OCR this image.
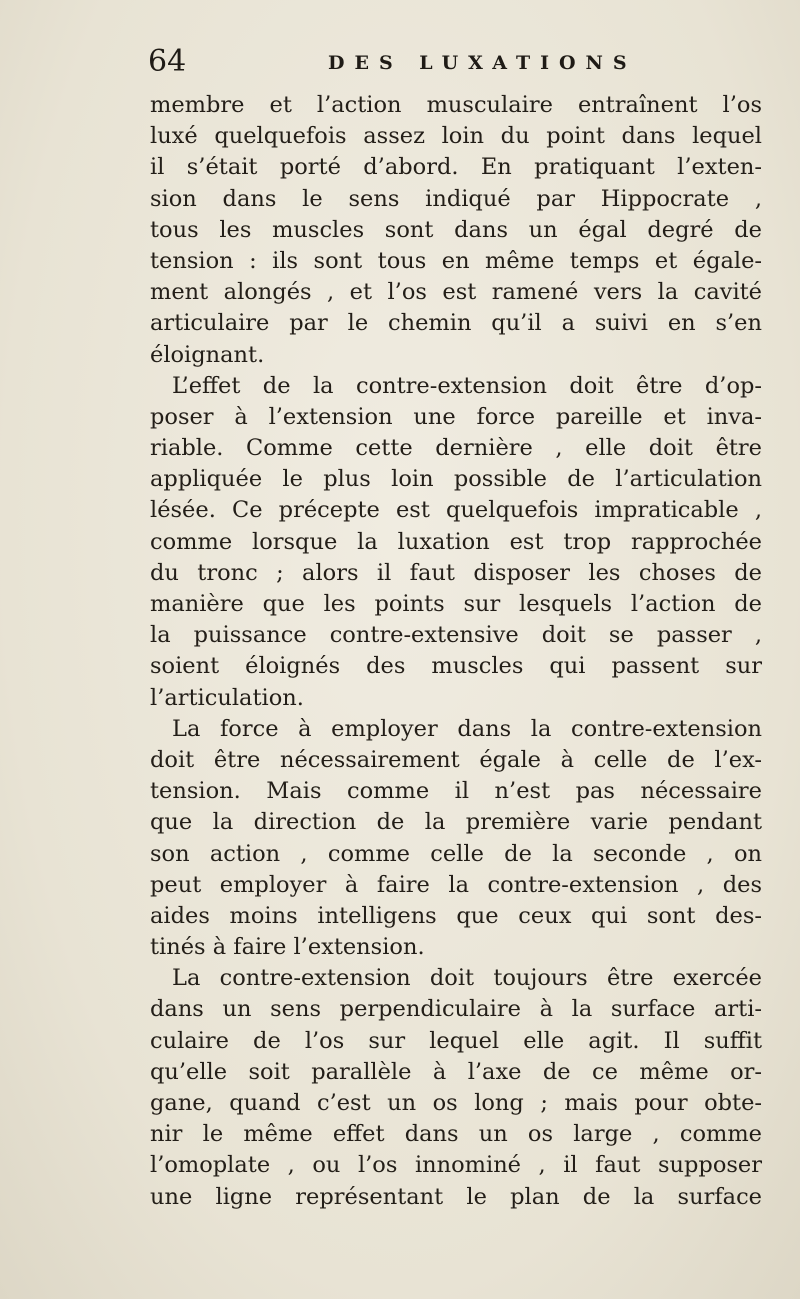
64	DES LUXATIONS
membre et l’action musculaire entraînent l’os
luxé quelquefois assez loin du point dans lequel
il s’était porté d’abord. En pratiquant l’exten-
sion dans le sens indiqué par Hippocrate ,
tous les muscles sont dans un égal degré de
tension : ils sont tous en même temps et égale-
ment alongés , et l’os est ramené vers la cavité
articulaire par le chemin qu’il a suivi en s’en
éloignant.
L’effet de la contre-extension doit être d’op-
poser à l’extension une force pareille et inva-
riable. Comme cette dernière , elle doit être
appliquée le plus loin possible de l’articulation
lésée. Ce précepte est quelquefois impraticable ,
comme lorsque la luxation est trop rapprochée
du tronc ; alors il faut disposer les choses de
manière que les points sur lesquels l’action de
la puissance contre-extensive doit se passer ,
soient éloignés des muscles qui passent sur
l’articulation.
La force à employer dans la contre-extension
doit être nécessairement égale à celle de l’ex-
tension. Mais comme il n’est pas nécessaire
que la direction de la première varie pendant
son action , comme celle de la seconde , on
peut employer à faire la contre-extension , des
aides moins intelligens que ceux qui sont des-
tinés à faire l’extension.
La contre-extension doit toujours être exercée
dans un sens perpendiculaire à la surface arti-
culaire de l’os sur lequel elle agit. Il suffit
qu’elle soit parallèle à l’axe de ce même or-
gane, quand c’est un os long ; mais pour obte-
nir le même effet dans un os large , comme
l’omoplate , ou l’os innominé , il faut supposer
une ligne représentant le plan de la surface
